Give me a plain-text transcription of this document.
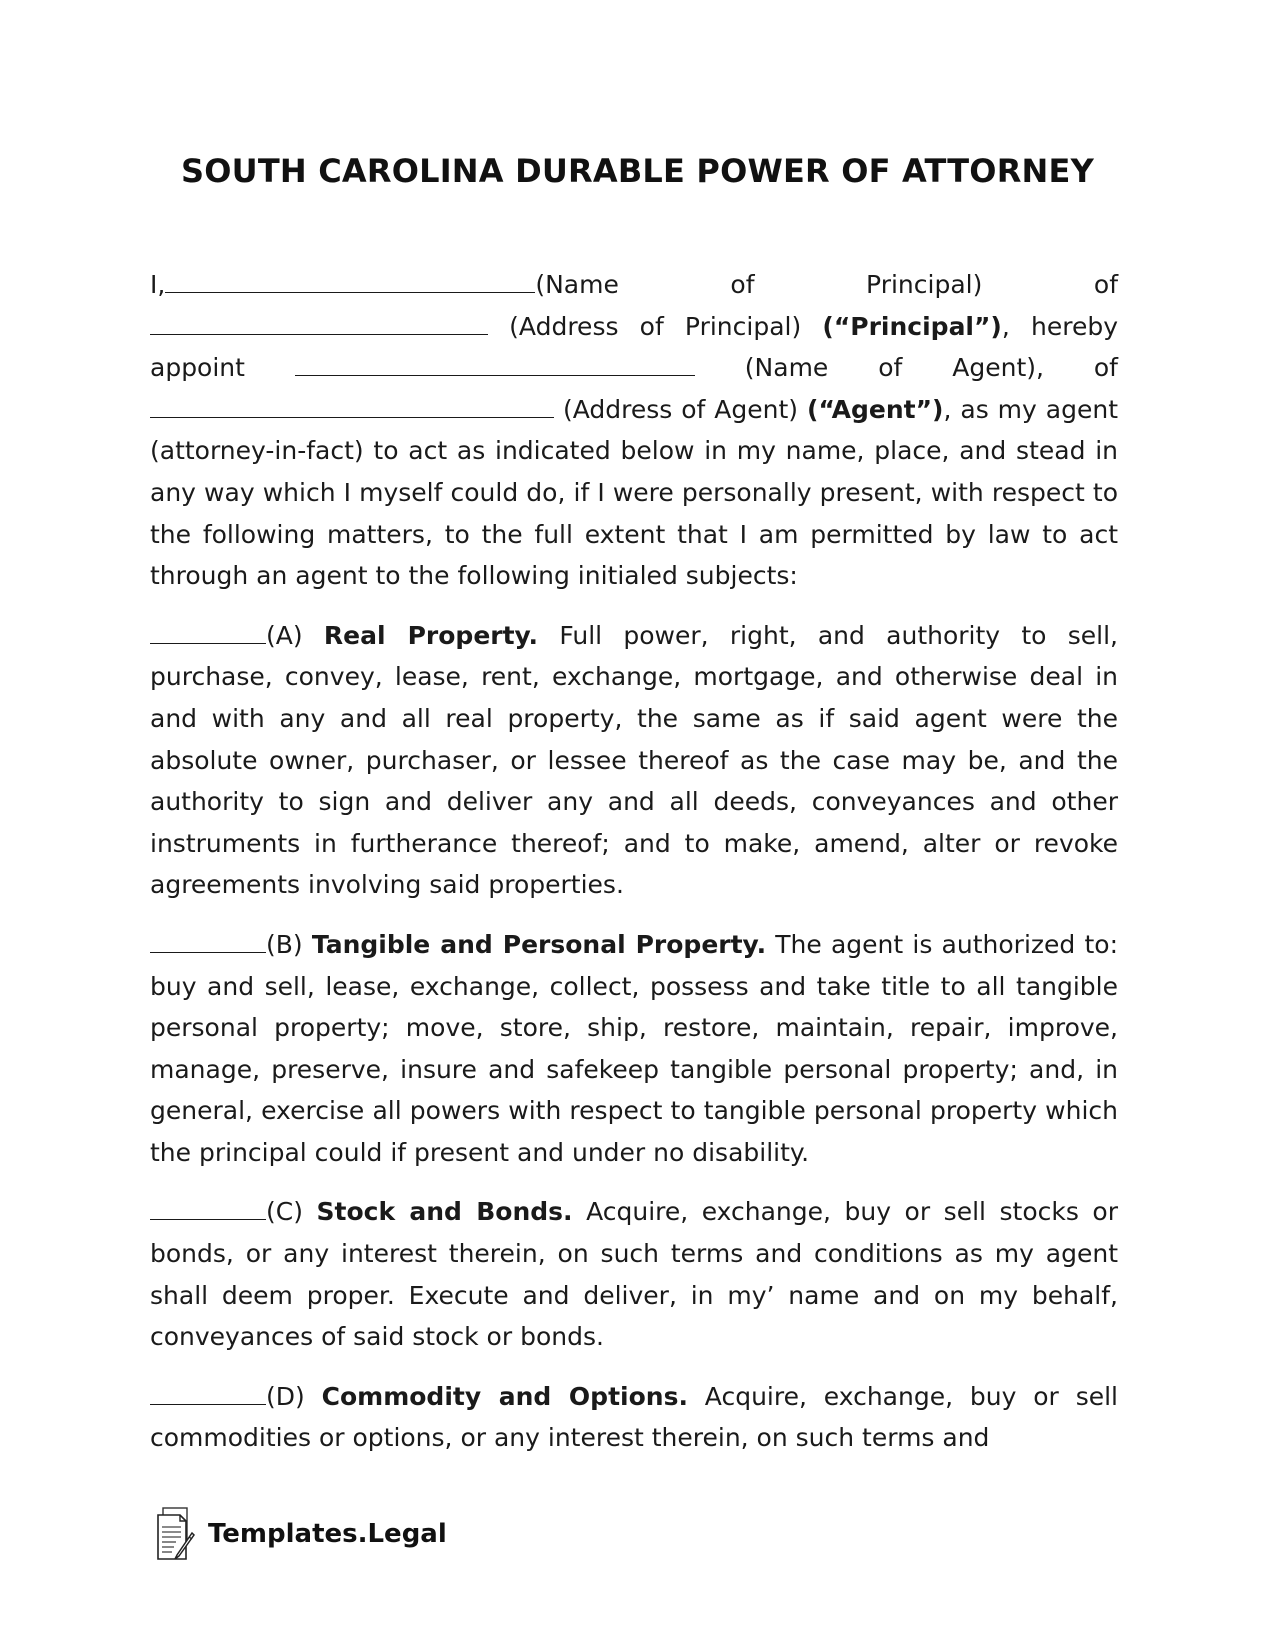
SOUTH CAROLINA DURABLE POWER OF ATTORNEY

I,	(Name of Principal) of  (Address of Principal) (“Principal”), hereby appoint	(Name of Agent), of  (Address of Agent) (“Agent”), as my agent (attorney-in-fact) to act as indicated below in my name, place, and stead in any way which I myself could do, if I were personally present, with respect to the following matters, to the full extent that I am permitted by law to act through an agent to the following initialed subjects:

(A) Real Property. Full power, right, and authority to sell, purchase, convey, lease, rent, exchange, mortgage, and otherwise deal in and with any and all real property, the same as if said agent were the absolute owner, purchaser, or lessee thereof as the case may be, and the authority to sign and deliver any and all deeds, conveyances and other instruments in furtherance thereof; and to make, amend, alter or revoke agreements involving said properties.

(B) Tangible and Personal Property. The agent is authorized to: buy and sell, lease, exchange, collect, possess and take title to all tangible personal property; move, store, ship, restore, maintain, repair, improve, manage, preserve, insure and safekeep tangible personal property; and, in general, exercise all powers with respect to tangible personal property which the principal could if present and under no disability.

(C) Stock and Bonds. Acquire, exchange, buy or sell stocks or bonds, or any interest therein, on such terms and conditions as my agent shall deem proper. Execute and deliver, in my’ name and on my behalf, conveyances of said stock or bonds.

(D) Commodity and Options. Acquire, exchange, buy or sell commodities or options, or any interest therein, on such terms and

Templates.Legal
